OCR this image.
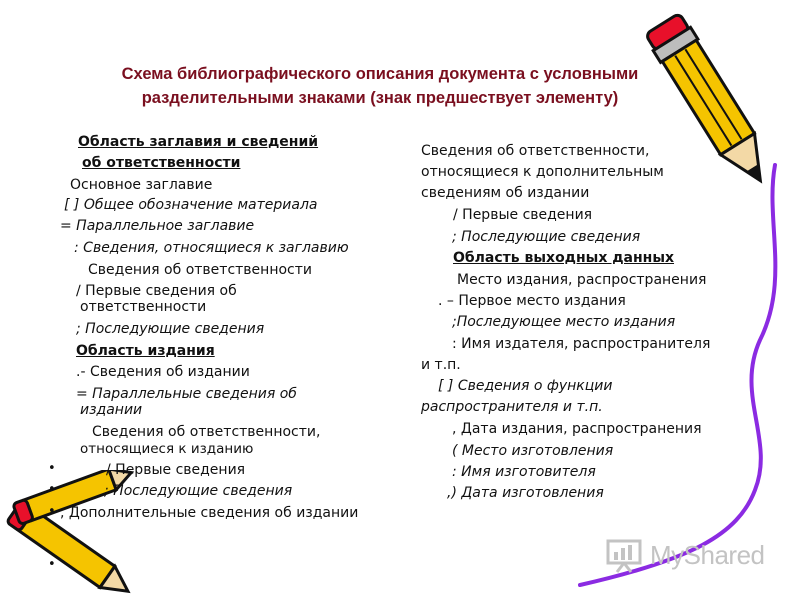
Схема библиографического описания документа с условными
разделительными знаками (знак предшествует элементу)
Область заглавия и сведений
об ответственности
Основное заглавие
[ ] Общее обозначение материала
= Параллельное заглавие
: Сведения, относящиеся к заглавию
Сведения об ответственности
∕ Первые сведения об
ответственности
; Последующие сведения
Область издания
.- Сведения об издании
= Параллельные сведения об
издании
Сведения об ответственности,
относящиеся к изданию
/ Первые сведения
; Последующие сведения
, Дополнительные сведения об издании
•
•
•
•
Сведения об ответственности,
относящиеся к дополнительным
сведениям об издании
/ Первые сведения
; Последующие сведения
Область выходных данных
Место издания, распространения
. – Первое место издания
;Последующее место издания
: Имя издателя, распространителя
и т.п.
[ ] Сведения о функции
распространителя и т.п.
, Дата издания, распространения
( Место изготовления
: Имя изготовителя
,) Дата изготовления
MyShared
